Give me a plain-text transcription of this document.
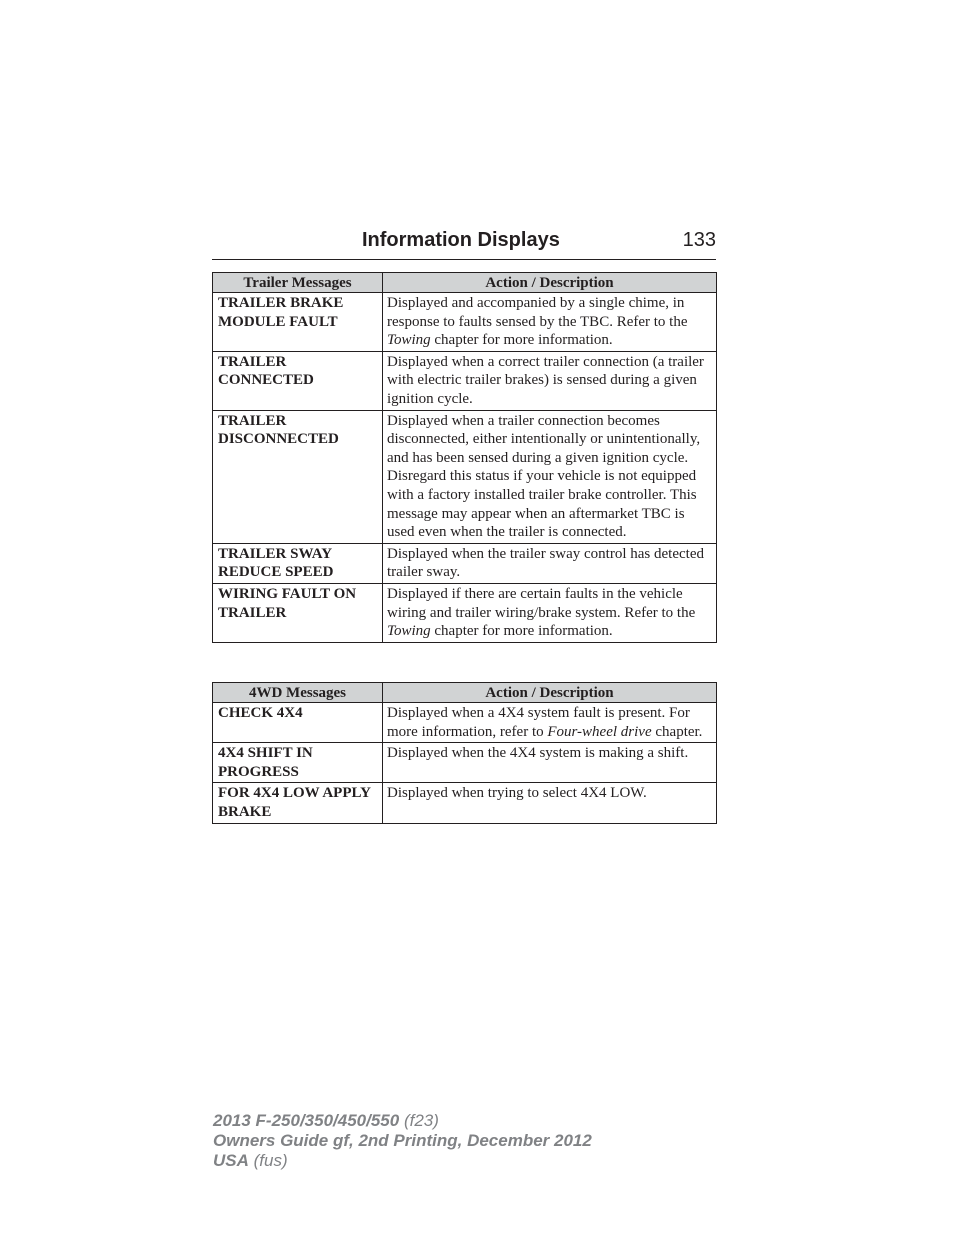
Information Displays	133
Trailer Messages	Action / Description
TRAILER BRAKE MODULE FAULT	Displayed and accompanied by a single chime, in response to faults sensed by the TBC. Refer to the Towing chapter for more information.
TRAILER CONNECTED	Displayed when a correct trailer connection (a trailer with electric trailer brakes) is sensed during a given ignition cycle.
TRAILER DISCONNECTED	Displayed when a trailer connection becomes disconnected, either intentionally or unintentionally, and has been sensed during a given ignition cycle. Disregard this status if your vehicle is not equipped with a factory installed trailer brake controller. This message may appear when an aftermarket TBC is used even when the trailer is connected.
TRAILER SWAY REDUCE SPEED	Displayed when the trailer sway control has detected trailer sway.
WIRING FAULT ON TRAILER	Displayed if there are certain faults in the vehicle wiring and trailer wiring/brake system. Refer to the Towing chapter for more information.
4WD Messages	Action / Description
CHECK 4X4	Displayed when a 4X4 system fault is present. For more information, refer to Four-wheel drive chapter.
4X4 SHIFT IN PROGRESS	Displayed when the 4X4 system is making a shift.
FOR 4X4 LOW APPLY BRAKE	Displayed when trying to select 4X4 LOW.
2013 F-250/350/450/550 (f23)
Owners Guide gf, 2nd Printing, December 2012
USA (fus)
